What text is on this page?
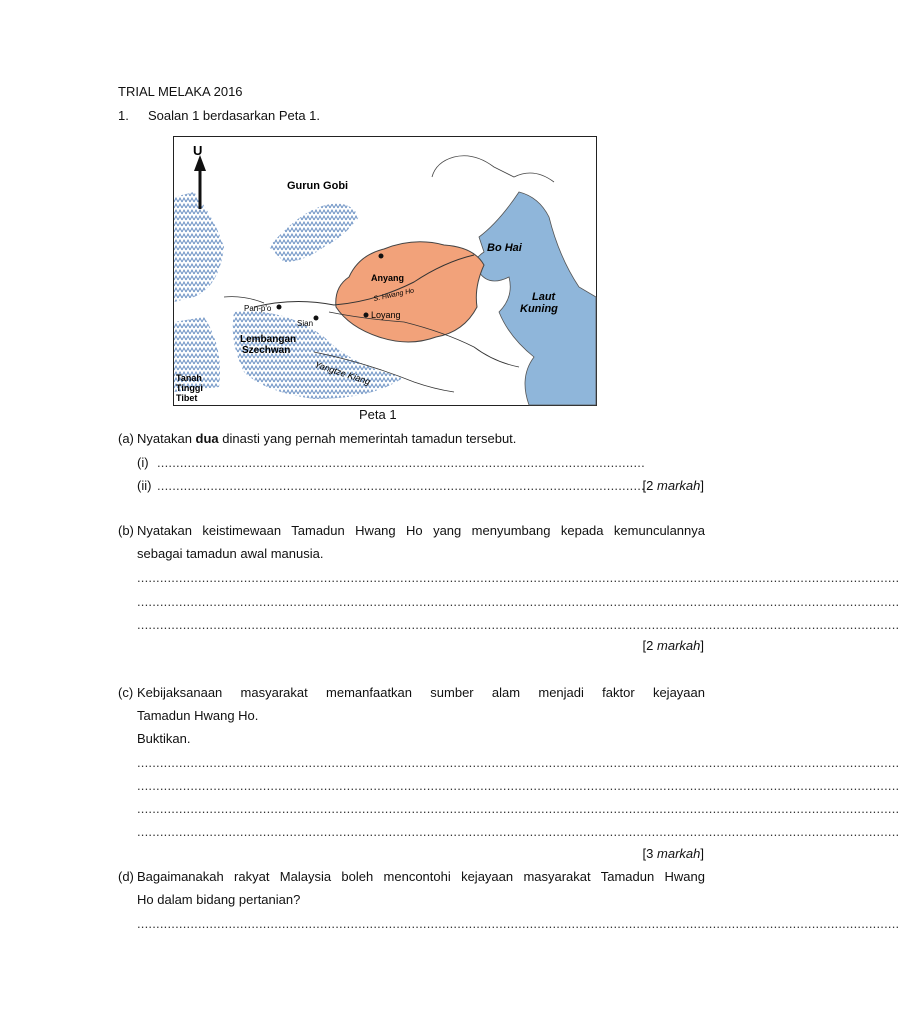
TRIAL MELAKA 2016
1. Soalan 1 berdasarkan Peta 1.
U
Gurun Gobi
Bo Hai
Laut
Kuning
Anyang
S. Hwang Ho
Loyang
Pan-p'o
Sian
Lembangan
Szechwan
Yangtze Kiang
Tanah
Tinggi
Tibet
Peta 1
(a) Nyatakan dua dinasti yang pernah memerintah tamadun tersebut.
(i) ................................................................................................................................
(ii) ................................................................................................................................
[2 markah]
(b) Nyatakan keistimewaan Tamadun Hwang Ho yang menyumbang kepada kemunculannya
sebagai tamadun awal manusia.
........................................................................................................................................................................................................
........................................................................................................................................................................................................
........................................................................................................................................................................................................
[2 markah]
(c) Kebijaksanaan masyarakat memanfaatkan sumber alam menjadi faktor kejayaan
Tamadun Hwang Ho.
Buktikan.
........................................................................................................................................................................................................
........................................................................................................................................................................................................
........................................................................................................................................................................................................
........................................................................................................................................................................................................
[3 markah]
(d) Bagaimanakah rakyat Malaysia boleh mencontohi kejayaan masyarakat Tamadun Hwang
Ho dalam bidang pertanian?
........................................................................................................................................................................................................
